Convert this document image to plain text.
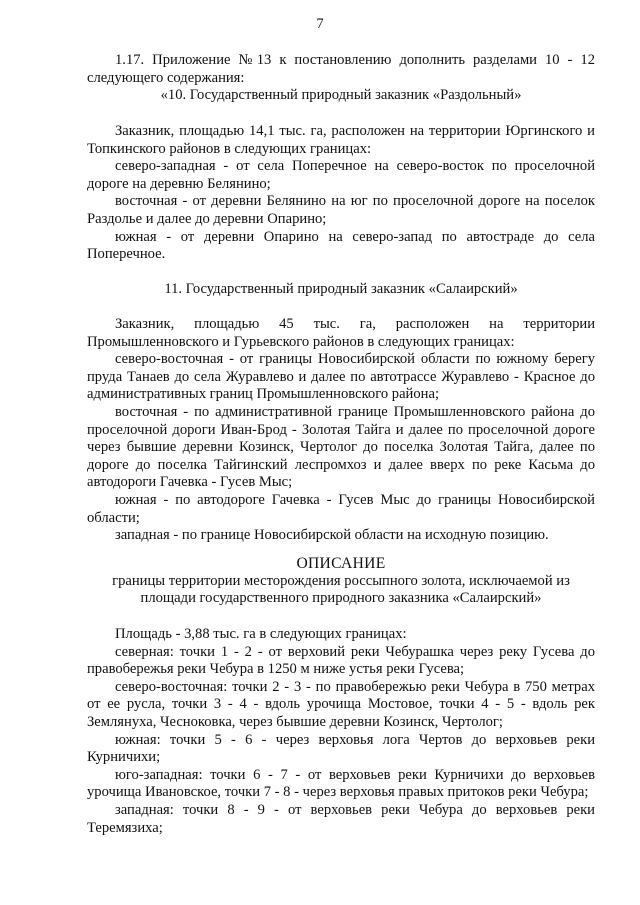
7

1.17. Приложение №13 к постановлению дополнить разделами 10 - 12 следующего содержания:

«10. Государственный природный заказник «Раздольный»

Заказник, площадью 14,1 тыс. га, расположен на территории Юргинского и Топкинского районов в следующих границах:

северо-западная - от села Поперечное на северо-восток по проселочной дороге на деревню Белянино;

восточная - от деревни Белянино на юг по проселочной дороге на поселок Раздолье и далее до деревни Опарино;

южная - от деревни Опарино на северо-запад по автостраде до села Поперечное.

11. Государственный природный заказник «Салаирский»

Заказник, площадью 45 тыс. га, расположен на территории Промышленновского и Гурьевского районов в следующих границах:

северо-восточная - от границы Новосибирской области по южному берегу пруда Танаев до села Журавлево и далее по автотрассе Журавлево - Красное до административных границ Промышленновского района;

восточная - по административной границе Промышленновского района до проселочной дороги Иван-Брод - Золотая Тайга и далее по проселочной дороге через бывшие деревни Козинск, Чертолог до поселка Золотая Тайга, далее по дороге до поселка Тайгинский леспромхоз и далее вверх по реке Касьма до автодороги Гачевка - Гусев Мыс;

южная - по автодороге Гачевка - Гусев Мыс до границы Новосибирской области;

западная - по границе Новосибирской области на исходную позицию.

ОПИСАНИЕ

границы территории месторождения россыпного золота, исключаемой из площади государственного природного заказника «Салаирский»

Площадь - 3,88 тыс. га в следующих границах:

северная: точки 1 - 2 - от верховий реки Чебурашка через реку Гусева до правобережья реки Чебура в 1250 м ниже устья реки Гусева;

северо-восточная: точки 2 - 3 - по правобережью реки Чебура в 750 метрах от ее русла, точки 3 - 4 - вдоль урочища Мостовое, точки 4 - 5 - вдоль рек Землянуха, Чесноковка, через бывшие деревни Козинск, Чертолог;

южная: точки 5 - 6 - через верховья лога Чертов до верховьев реки Курничихи;

юго-западная: точки 6 - 7 - от верховьев реки Курничихи до верховьев урочища Ивановское, точки 7 - 8 - через верховья правых притоков реки Чебура;

западная: точки 8 - 9 - от верховьев реки Чебура до верховьев реки Теремязиха;
